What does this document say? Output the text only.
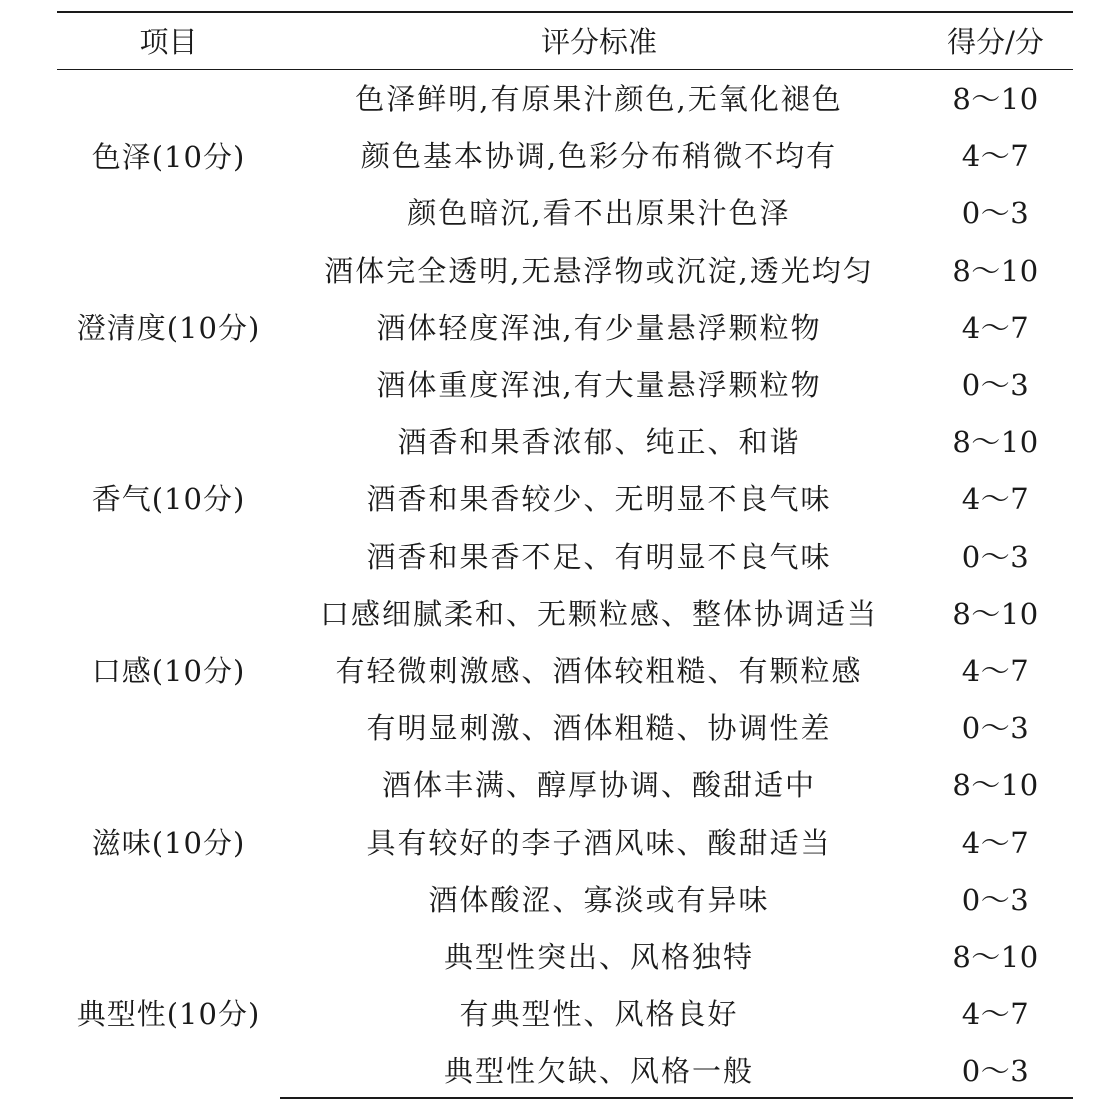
项目	评分标准	得分/分
色泽(10分)	色泽鲜明,有原果汁颜色,无氧化褪色	8～10
	颜色基本协调,色彩分布稍微不均有	4～7
	颜色暗沉,看不出原果汁色泽	0～3
澄清度(10分)	酒体完全透明,无悬浮物或沉淀,透光均匀	8～10
	酒体轻度浑浊,有少量悬浮颗粒物	4～7
	酒体重度浑浊,有大量悬浮颗粒物	0～3
香气(10分)	酒香和果香浓郁、纯正、和谐	8～10
	酒香和果香较少、无明显不良气味	4～7
	酒香和果香不足、有明显不良气味	0～3
口感(10分)	口感细腻柔和、无颗粒感、整体协调适当	8～10
	有轻微刺激感、酒体较粗糙、有颗粒感	4～7
	有明显刺激、酒体粗糙、协调性差	0～3
滋味(10分)	酒体丰满、醇厚协调、酸甜适中	8～10
	具有较好的李子酒风味、酸甜适当	4～7
	酒体酸涩、寡淡或有异味	0～3
典型性(10分)	典型性突出、风格独特	8～10
	有典型性、风格良好	4～7
	典型性欠缺、风格一般	0～3
